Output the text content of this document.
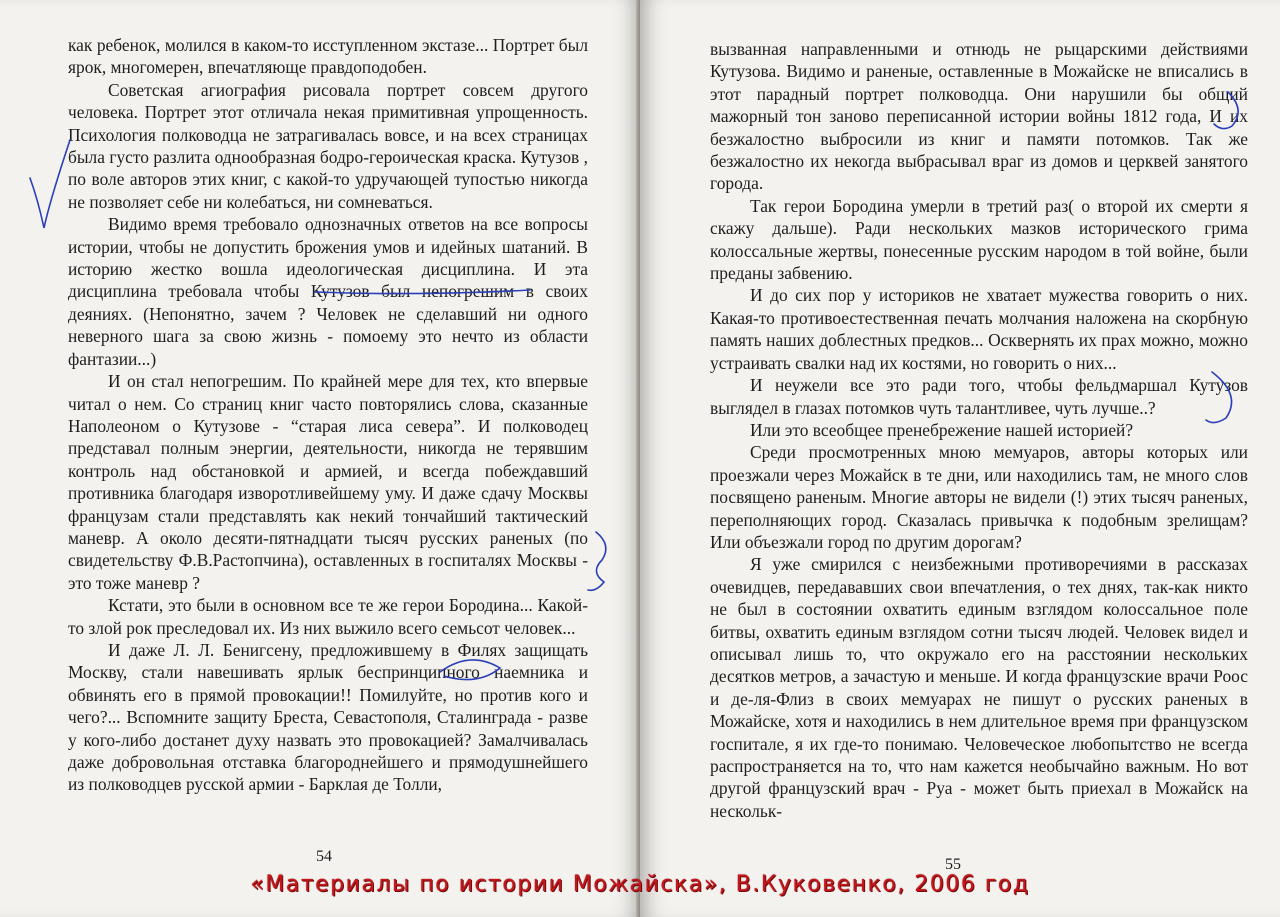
как ребенок, молился в каком-то исступленном экстазе... Портрет был ярок, многомерен, впечатляюще правдоподобен.

Советская агиография рисовала портрет совсем другого человека. Портрет этот отличала некая примитивная упрощенность. Психология полководца не затрагивалась вовсе, и на всех страницах была густо разлита однообразная бодро-героическая краска. Кутузов , по воле авторов этих книг, с какой-то удручающей тупостью никогда не позволяет себе ни колебаться, ни сомневаться.

Видимо время требовало однозначных ответов на все вопросы истории, чтобы не допустить брожения умов и идейных шатаний. В историю жестко вошла идеологическая дисциплина. И эта дисциплина требовала чтобы Кутузов был непогрешим в своих деяниях. (Непонятно, зачем ? Человек не сделавший ни одного неверного шага за свою жизнь - помоему это нечто из области фантазии...)

И он стал непогрешим. По крайней мере для тех, кто впервые читал о нем. Со страниц книг часто повторялись слова, сказанные Наполеоном о Кутузове - “старая лиса севера”. И полководец представал полным энергии, деятельности, никогда не терявшим контроль над обстановкой и армией, и всегда побеждавший противника благодаря изворотливейшему уму. И даже сдачу Москвы французам стали представлять как некий тончайший тактический маневр. А около десяти-пятнадцати тысяч русских раненых (по свидетельству Ф.В.Растопчина), оставленных в госпиталях Москвы - это тоже маневр ?

Кстати, это были в основном все те же герои Бородина... Какой-то злой рок преследовал их. Из них выжило всего семьсот человек...

И даже Л. Л. Бенигсену, предложившему в Филях защищать Москву, стали навешивать ярлык беспринципного наемника и обвинять его в прямой провокации!! Помилуйте, но против кого и чего?... Вспомните защиту Бреста, Севастополя, Сталинграда - разве у кого-либо достанет духу назвать это провокацией? Замалчивалась даже добровольная отставка благороднейшего и прямодушнейшего из полководцев русской армии - Барклая де Толли,

54

вызванная направленными и отнюдь не рыцарскими действиями Кутузова. Видимо и раненые, оставленные в Можайске не вписались в этот парадный портрет полководца. Они нарушили бы общий мажорный тон заново переписанной истории войны 1812 года, И их безжалостно выбросили из книг и памяти потомков. Так же безжалостно их некогда выбрасывал враг из домов и церквей занятого города.

Так герои Бородина умерли в третий раз( о второй их смерти я скажу дальше). Ради нескольких мазков исторического грима колоссальные жертвы, понесенные русским народом в той войне, были преданы забвению.

И до сих пор у историков не хватает мужества говорить о них. Какая-то противоестественная печать молчания наложена на скорбную память наших доблестных предков... Осквернять их прах можно, можно устраивать свалки над их костями, но говорить о них...

И неужели все это ради того, чтобы фельдмаршал Кутузов выглядел в глазах потомков чуть талантливее, чуть лучше..?

Или это всеобщее пренебрежение нашей историей?

Среди просмотренных мною мемуаров, авторы которых или проезжали через Можайск в те дни, или находились там, не много слов посвящено раненым. Многие авторы не видели (!) этих тысяч раненых, переполняющих город. Сказалась привычка к подобным зрелищам? Или объезжали город по другим дорогам?

Я уже смирился с неизбежными противоречиями в рассказах очевидцев, передававших свои впечатления, о тех днях, так-как никто не был в состоянии охватить единым взглядом колоссальное поле битвы, охватить единым взглядом сотни тысяч людей. Человек видел и описывал лишь то, что окружало его на расстоянии нескольких десятков метров, а зачастую и меньше. И когда французские врачи Роос и де-ля-Флиз в своих мемуарах не пишут о русских раненых в Можайске, хотя и находились в нем длительное время при французском госпитале, я их где-то понимаю. Человеческое любопытство не всегда распространяется на то, что нам кажется необычайно важным. Но вот другой французский врач - Руа - может быть приехал в Можайск на нескольк-

55
«Материалы по истории Можайска», В.Куковенко, 2006 год
